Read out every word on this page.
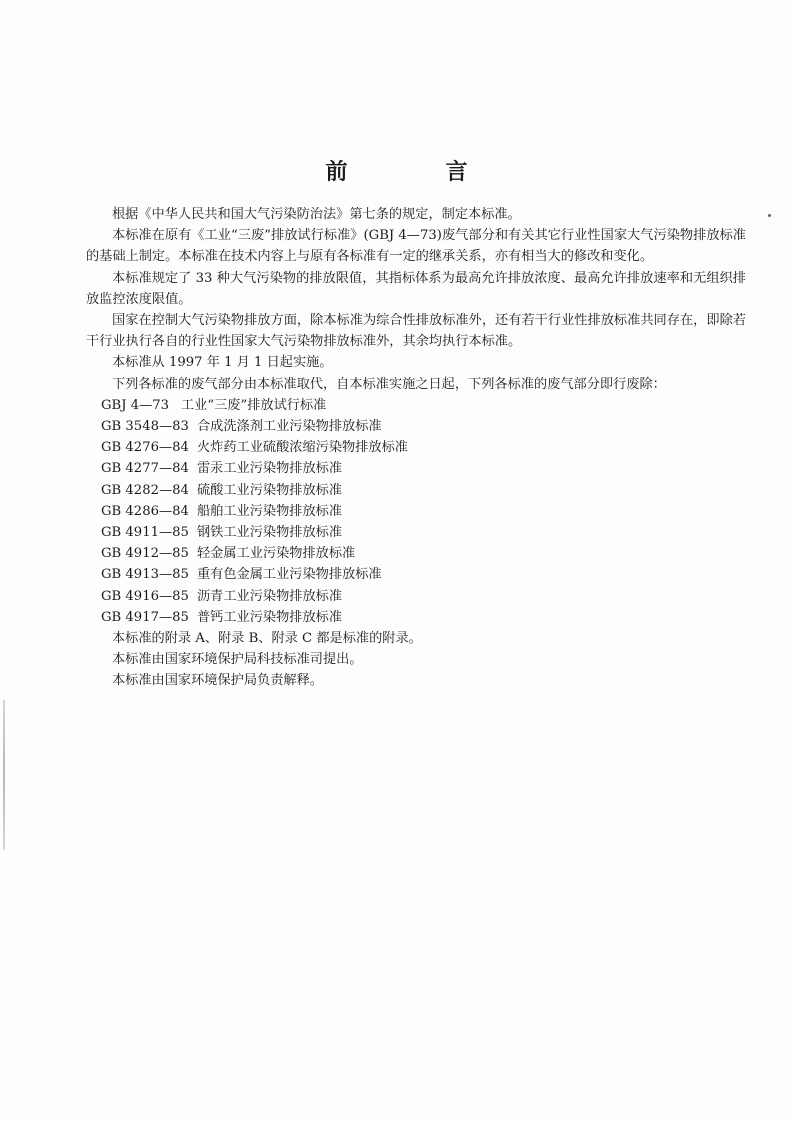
前　言

根据《中华人民共和国大气污染防治法》第七条的规定，制定本标准。

本标准在原有《工业“三废”排放试行标准》(GBJ 4—73)废气部分和有关其它行业性国家大气污染物排放标准的基础上制定。本标准在技术内容上与原有各标准有一定的继承关系，亦有相当大的修改和变化。

本标准规定了 33 种大气污染物的排放限值，其指标体系为最高允许排放浓度、最高允许排放速率和无组织排放监控浓度限值。

国家在控制大气污染物排放方面，除本标准为综合性排放标准外，还有若干行业性排放标准共同存在，即除若干行业执行各自的行业性国家大气污染物排放标准外，其余均执行本标准。

本标准从 1997 年 1 月 1 日起实施。

下列各标准的废气部分由本标准取代，自本标准实施之日起，下列各标准的废气部分即行废除：

GBJ 4—73 工业“三废”排放试行标准
GB 3548—83 合成洗涤剂工业污染物排放标准
GB 4276—84 火炸药工业硫酸浓缩污染物排放标准
GB 4277—84 雷汞工业污染物排放标准
GB 4282—84 硫酸工业污染物排放标准
GB 4286—84 船舶工业污染物排放标准
GB 4911—85 钢铁工业污染物排放标准
GB 4912—85 轻金属工业污染物排放标准
GB 4913—85 重有色金属工业污染物排放标准
GB 4916—85 沥青工业污染物排放标准
GB 4917—85 普钙工业污染物排放标准

本标准的附录 A、附录 B、附录 C 都是标准的附录。

本标准由国家环境保护局科技标准司提出。

本标准由国家环境保护局负责解释。
